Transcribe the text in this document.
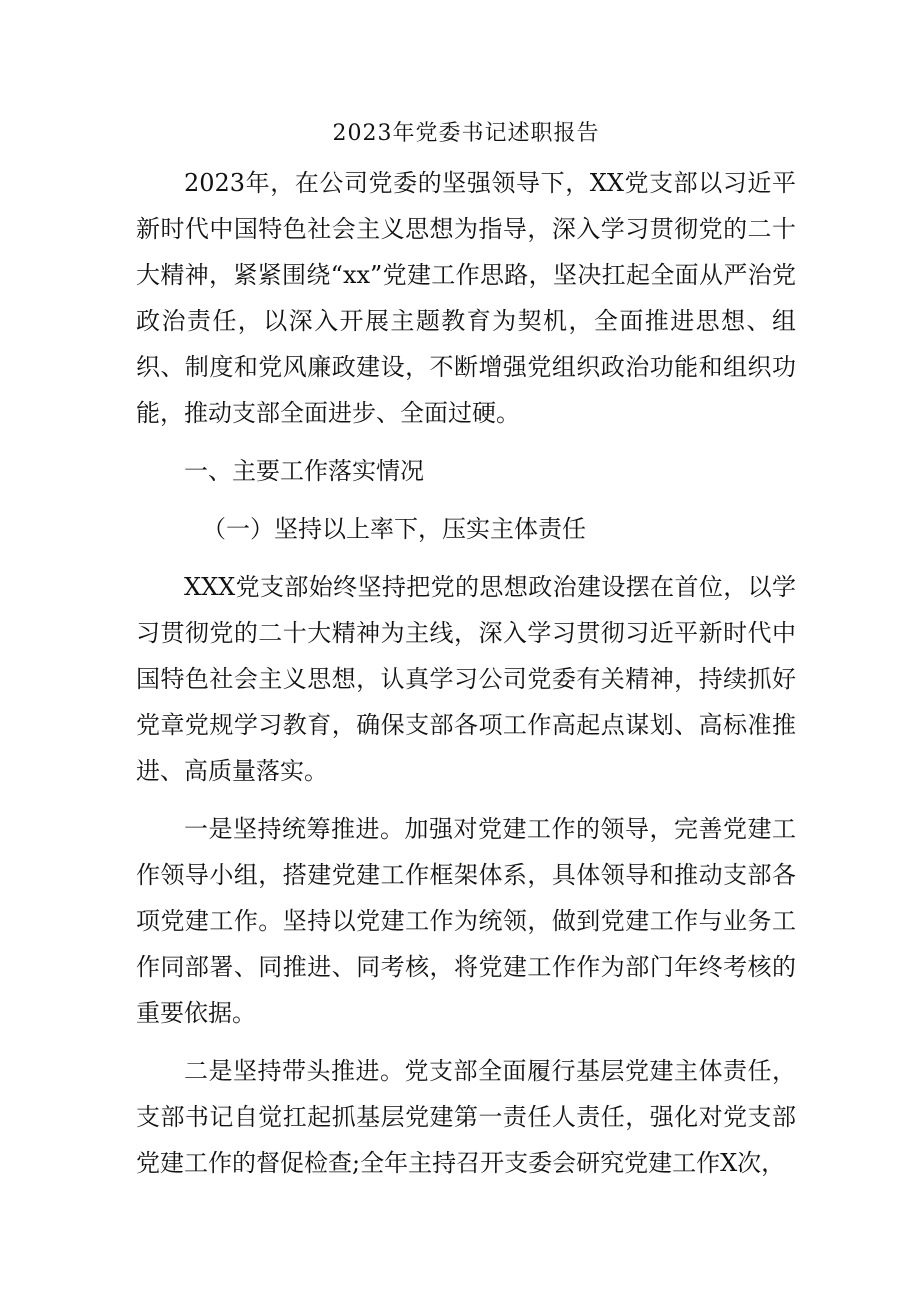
2023年党委书记述职报告

2023年，在公司党委的坚强领导下，XX党支部以习近平新时代中国特色社会主义思想为指导，深入学习贯彻党的二十大精神，紧紧围绕“xx”党建工作思路，坚决扛起全面从严治党政治责任，以深入开展主题教育为契机，全面推进思想、组织、制度和党风廉政建设，不断增强党组织政治功能和组织功能，推动支部全面进步、全面过硬。

一、主要工作落实情况

（一）坚持以上率下，压实主体责任

XXX党支部始终坚持把党的思想政治建设摆在首位，以学习贯彻党的二十大精神为主线，深入学习贯彻习近平新时代中国特色社会主义思想，认真学习公司党委有关精神，持续抓好党章党规学习教育，确保支部各项工作高起点谋划、高标准推进、高质量落实。

一是坚持统筹推进。加强对党建工作的领导，完善党建工作领导小组，搭建党建工作框架体系，具体领导和推动支部各项党建工作。坚持以党建工作为统领，做到党建工作与业务工作同部署、同推进、同考核，将党建工作作为部门年终考核的重要依据。

二是坚持带头推进。党支部全面履行基层党建主体责任，支部书记自觉扛起抓基层党建第一责任人责任，强化对党支部党建工作的督促检查;全年主持召开支委会研究党建工作X次，
